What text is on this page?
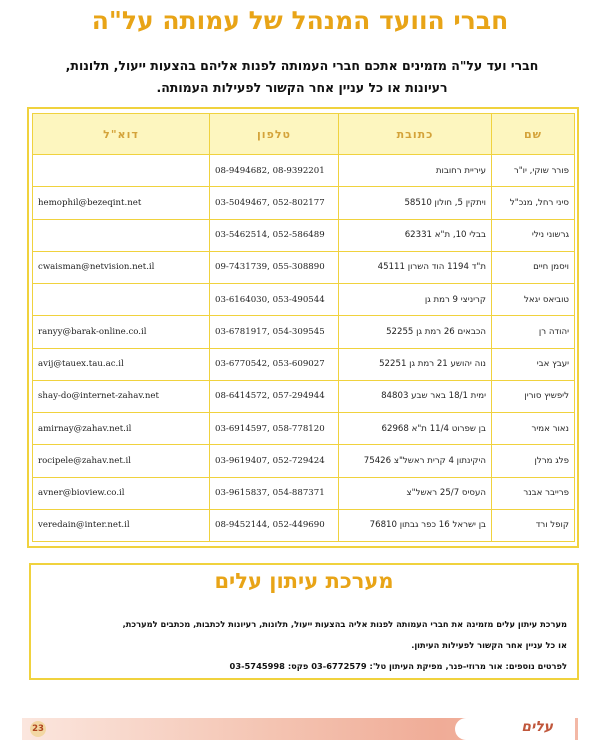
חברי הוועד המנהל של עמותה על"ה
חברי ועד על"ה מזמינים אתכם חברי העמותה לפנות אליהם בהצעות ייעול, תלונות,
רעיונות או כל עניין אחר הקשור לפעילות העמותה.
שם	כתובת	טלפון	דוא"ל
פורר שוקי, יו"ר	עיריית רחובות	08-9494682, 08-9392201	
סיני רחל, מנכ"ל	ויתקין 5, חולון 58510	03-5049467, 052-802177	hemophil@bezeqint.net
גרשוני נילי	בבלי 10, ת"א 62331	03-5462514, 052-586489	
ויסמן חיים	ת"ד 1194 הוד השרון 45111	09-7431739, 055-308890	cwaisman@netvision.net.il
טוביאס יגאל	קריניצי 9 רמת גן	03-6164030, 053-490544	
יהודה רן	הכבאים 26 רמת גן 52255	03-6781917, 054-309545	ranyy@barak-online.co.il
יעבץ אבי	נוה יהושע 21 רמת גן 52251	03-6770542, 053-609027	avij@tauex.tau.ac.il
ליפשיץ סורין	ימית 18/1 באר שבע 84803	08-6414572, 057-294944	shay-do@internet-zahav.net
נאור אמיר	בן שפרוט 11/4 ת"א 62968	03-6914597, 058-778120	amirnay@zahav.net.il
פלג מרלן	היקינתון 4 קרית ראשל"צ 75426	03-9619407, 052-729424	rocipele@zahav.net.il
פרייבר אבנר	העסיס 25/7 ראשל"צ	03-9615837, 054-887371	avner@bioview.co.il
קופל ורד	בן ישראל 16 כפר גבתון 76810	08-9452144, 052-449690	veredain@inter.net.il
מערכת עיתון עלים
מערכת עיתון עלים מזמינה את חברי העמותה לפנות אליה בהצעות ייעול, תלונות, רעיונות לכתבות, מכתבים למערכת,
או כל עניין אחר הקשור לפעילות העיתון.
לפרטים נוספים: אור מרוזי-פנר, מפיקת העיתון טל': 03-6772579 פקס: 03-5745998
23	עלים
